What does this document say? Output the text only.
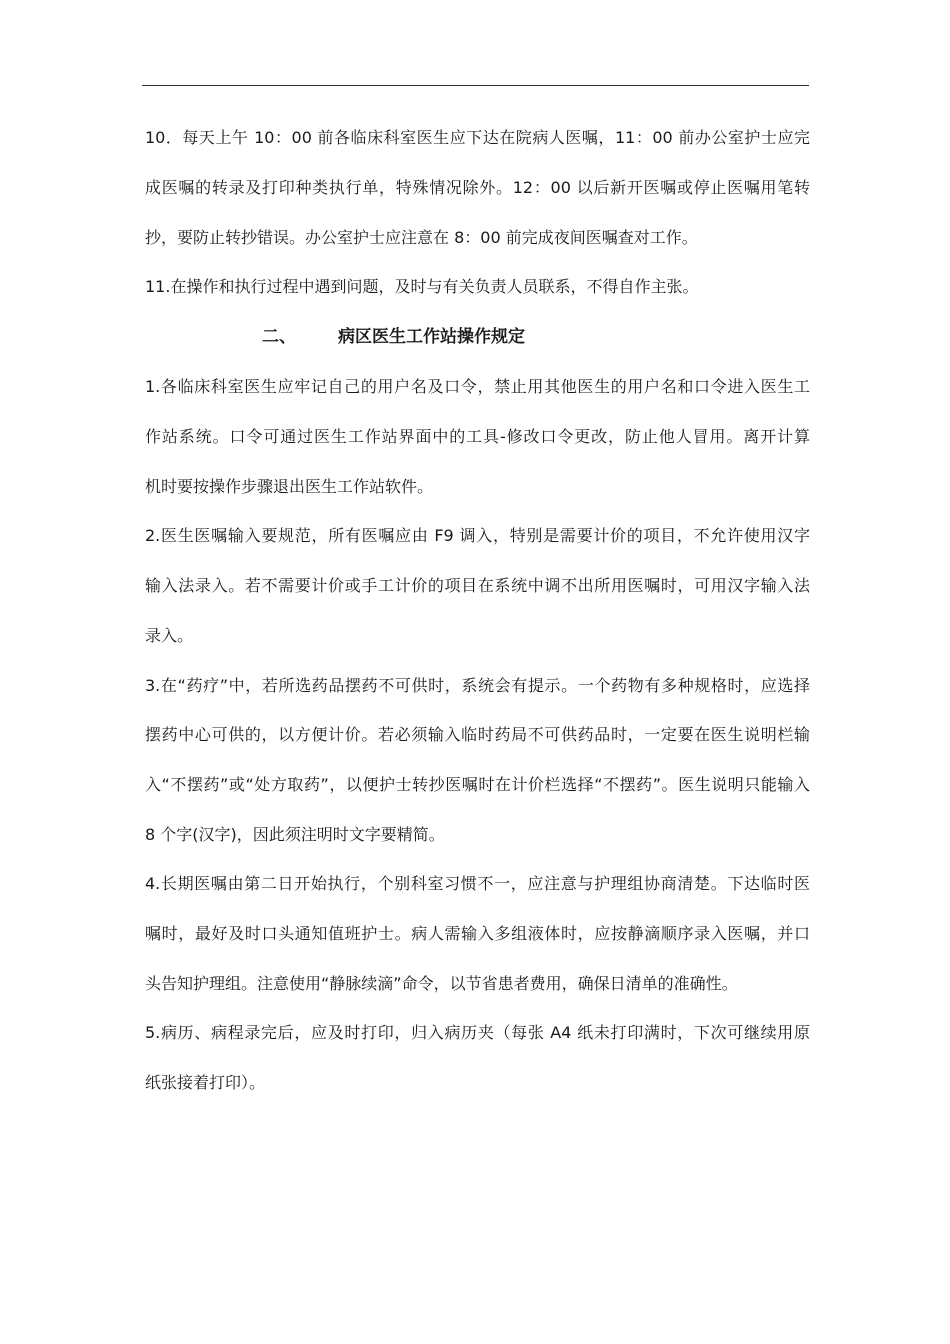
10．每天上午 10：00 前各临床科室医生应下达在院病人医嘱，11：00 前办公室护士应完
成医嘱的转录及打印种类执行单，特殊情况除外。12：00 以后新开医嘱或停止医嘱用笔转
抄，要防止转抄错误。办公室护士应注意在 8：00 前完成夜间医嘱查对工作。
11.在操作和执行过程中遇到问题，及时与有关负责人员联系，不得自作主张。
二、 病区医生工作站操作规定
1.各临床科室医生应牢记自己的用户名及口令，禁止用其他医生的用户名和口令进入医生工
作站系统。口令可通过医生工作站界面中的工具-修改口令更改，防止他人冒用。离开计算
机时要按操作步骤退出医生工作站软件。
2.医生医嘱输入要规范，所有医嘱应由 F9 调入，特别是需要计价的项目，不允许使用汉字
输入法录入。若不需要计价或手工计价的项目在系统中调不出所用医嘱时，可用汉字输入法
录入。
3.在“药疗”中，若所选药品摆药不可供时，系统会有提示。一个药物有多种规格时，应选择
摆药中心可供的，以方便计价。若必须输入临时药局不可供药品时，一定要在医生说明栏输
入“不摆药”或“处方取药”，以便护士转抄医嘱时在计价栏选择“不摆药”。医生说明只能输入
8 个字(汉字)，因此须注明时文字要精简。
4.长期医嘱由第二日开始执行，个别科室习惯不一，应注意与护理组协商清楚。下达临时医
嘱时，最好及时口头通知值班护士。病人需输入多组液体时，应按静滴顺序录入医嘱，并口
头告知护理组。注意使用“静脉续滴”命令，以节省患者费用，确保日清单的准确性。
5.病历、病程录完后，应及时打印，归入病历夹（每张 A4 纸未打印满时，下次可继续用原
纸张接着打印）。
